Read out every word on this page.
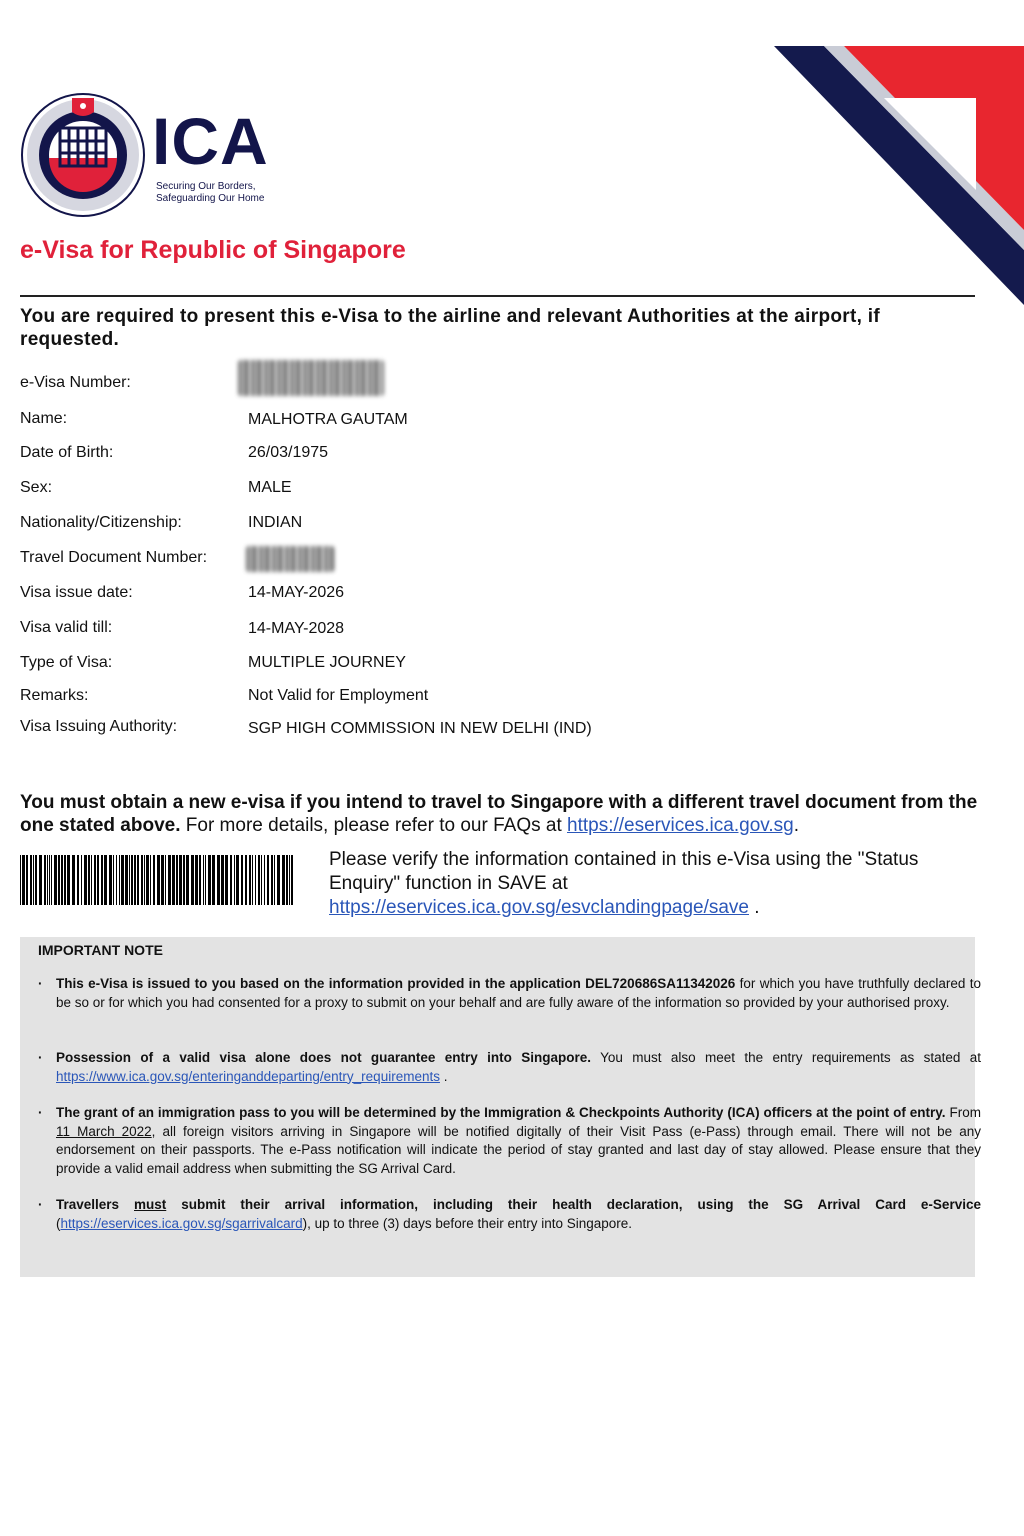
ICA
Securing Our Borders,
Safeguarding Our Home
e-Visa for Republic of Singapore
You are required to present this e-Visa to the airline and relevant Authorities at the airport, if requested.
e-Visa Number:
Name:	MALHOTRA GAUTAM
Date of Birth:	26/03/1975
Sex:	MALE
Nationality/Citizenship:	INDIAN
Travel Document Number:
Visa issue date:	14-MAY-2026
Visa valid till:	14-MAY-2028
Type of Visa:	MULTIPLE JOURNEY
Remarks:	Not Valid for Employment
Visa Issuing Authority:	SGP HIGH COMMISSION IN NEW DELHI (IND)
You must obtain a new e-visa if you intend to travel to Singapore with a different travel document from the one stated above. For more details, please refer to our FAQs at https://eservices.ica.gov.sg.
Please verify the information contained in this e-Visa using the "Status Enquiry" function in SAVE at https://eservices.ica.gov.sg/esvclandingpage/save .
IMPORTANT NOTE
· This e-Visa is issued to you based on the information provided in the application DEL720686SA11342026 for which you have truthfully declared to be so or for which you had consented for a proxy to submit on your behalf and are fully aware of the information so provided by your authorised proxy.
· Possession of a valid visa alone does not guarantee entry into Singapore. You must also meet the entry requirements as stated at https://www.ica.gov.sg/enteringanddeparting/entry_requirements .
· The grant of an immigration pass to you will be determined by the Immigration & Checkpoints Authority (ICA) officers at the point of entry. From 11 March 2022, all foreign visitors arriving in Singapore will be notified digitally of their Visit Pass (e-Pass) through email. There will not be any endorsement on their passports. The e-Pass notification will indicate the period of stay granted and last day of stay allowed. Please ensure that they provide a valid email address when submitting the SG Arrival Card.
· Travellers must submit their arrival information, including their health declaration, using the SG Arrival Card e-Service (https://eservices.ica.gov.sg/sgarrivalcard), up to three (3) days before their entry into Singapore.
